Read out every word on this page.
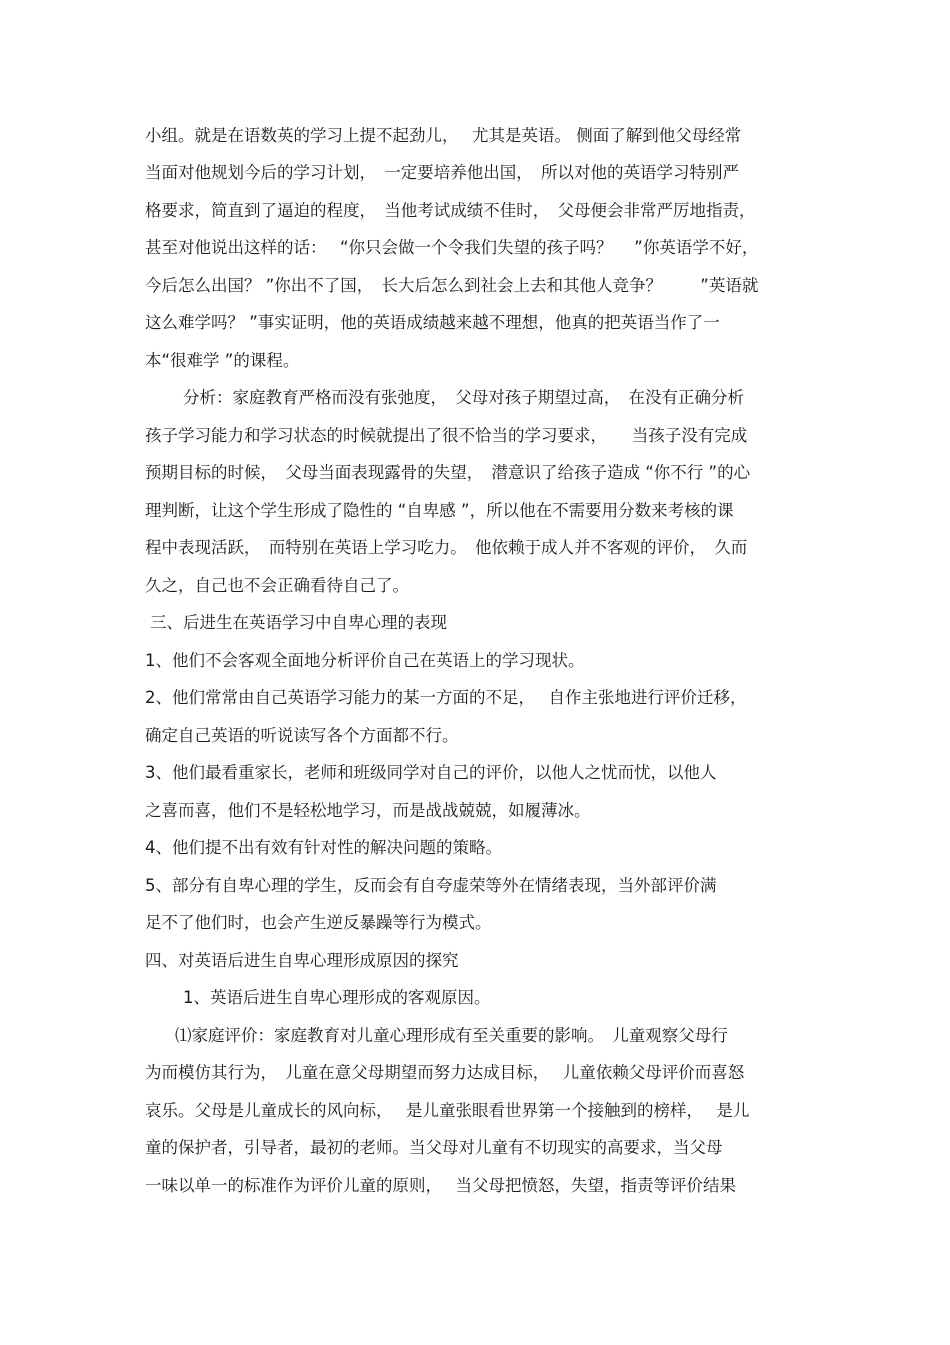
小组。就是在语数英的学习上提不起劲儿，　 尤其是英语。 侧面了解到他父母经常
当面对他规划今后的学习计划，　一定要培养他出国，　所以对他的英语学习特别严
格要求，简直到了逼迫的程度，　当他考试成绩不佳时，　父母便会非常严厉地指责，
甚至对他说出这样的话：　 “你只会做一个令我们失望的孩子吗？　 ”你英语学不好，
今后怎么出国？ ”你出不了国，　长大后怎么到社会上去和其他人竞争？　　 ”英语就
这么难学吗？ ”事实证明，他的英语成绩越来越不理想，他真的把英语当作了一
本“很难学 ”的课程。
分析：家庭教育严格而没有张弛度，　父母对孩子期望过高，　在没有正确分析
孩子学习能力和学习状态的时候就提出了很不恰当的学习要求，　　当孩子没有完成
预期目标的时候，　父母当面表现露骨的失望，　潜意识了给孩子造成 “你不行 ”的心
理判断，让这个学生形成了隐性的 “自卑感 ”，所以他在不需要用分数来考核的课
程中表现活跃，　而特别在英语上学习吃力。　他依赖于成人并不客观的评价，　久而
久之，自己也不会正确看待自己了。
三、后进生在英语学习中自卑心理的表现
1、他们不会客观全面地分析评价自己在英语上的学习现状。
2、他们常常由自己英语学习能力的某一方面的不足，　 自作主张地进行评价迁移，
确定自己英语的听说读写各个方面都不行。
3、他们最看重家长，老师和班级同学对自己的评价，以他人之忧而忧，以他人
之喜而喜，他们不是轻松地学习，而是战战兢兢，如履薄冰。
4、他们提不出有效有针对性的解决问题的策略。
5、部分有自卑心理的学生，反而会有自夸虚荣等外在情绪表现，当外部评价满
足不了他们时，也会产生逆反暴躁等行为模式。
四、对英语后进生自卑心理形成原因的探究
1、英语后进生自卑心理形成的客观原因。
⑴家庭评价：家庭教育对儿童心理形成有至关重要的影响。　儿童观察父母行
为而模仿其行为，　儿童在意父母期望而努力达成目标，　 儿童依赖父母评价而喜怒
哀乐。父母是儿童成长的风向标，　 是儿童张眼看世界第一个接触到的榜样，　 是儿
童的保护者，引导者，最初的老师。当父母对儿童有不切现实的高要求，当父母
一味以单一的标准作为评价儿童的原则，　 当父母把愤怒，失望，指责等评价结果
